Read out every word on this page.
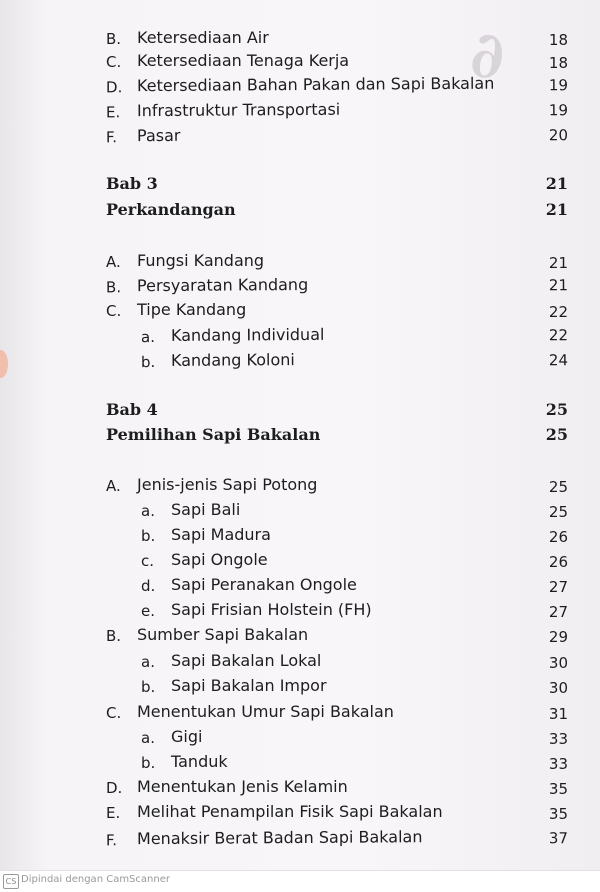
∂
B. Ketersediaan Air	18
C. Ketersediaan Tenaga Kerja	18
D. Ketersediaan Bahan Pakan dan Sapi Bakalan	19
E. Infrastruktur Transportasi	19
F. Pasar	20
Bab 3	21
Perkandangan	21
A. Fungsi Kandang	21
B. Persyaratan Kandang	21
C. Tipe Kandang	22
a. Kandang Individual	22
b. Kandang Koloni	24
Bab 4	25
Pemilihan Sapi Bakalan	25
A. Jenis-jenis Sapi Potong	25
a. Sapi Bali	25
b. Sapi Madura	26
c. Sapi Ongole	26
d. Sapi Peranakan Ongole	27
e. Sapi Frisian Holstein (FH)	27
B. Sumber Sapi Bakalan	29
a. Sapi Bakalan Lokal	30
b. Sapi Bakalan Impor	30
C. Menentukan Umur Sapi Bakalan	31
a. Gigi	33
b. Tanduk	33
D. Menentukan Jenis Kelamin	35
E. Melihat Penampilan Fisik Sapi Bakalan	35
F. Menaksir Berat Badan Sapi Bakalan	37
CS Dipindai dengan CamScanner
